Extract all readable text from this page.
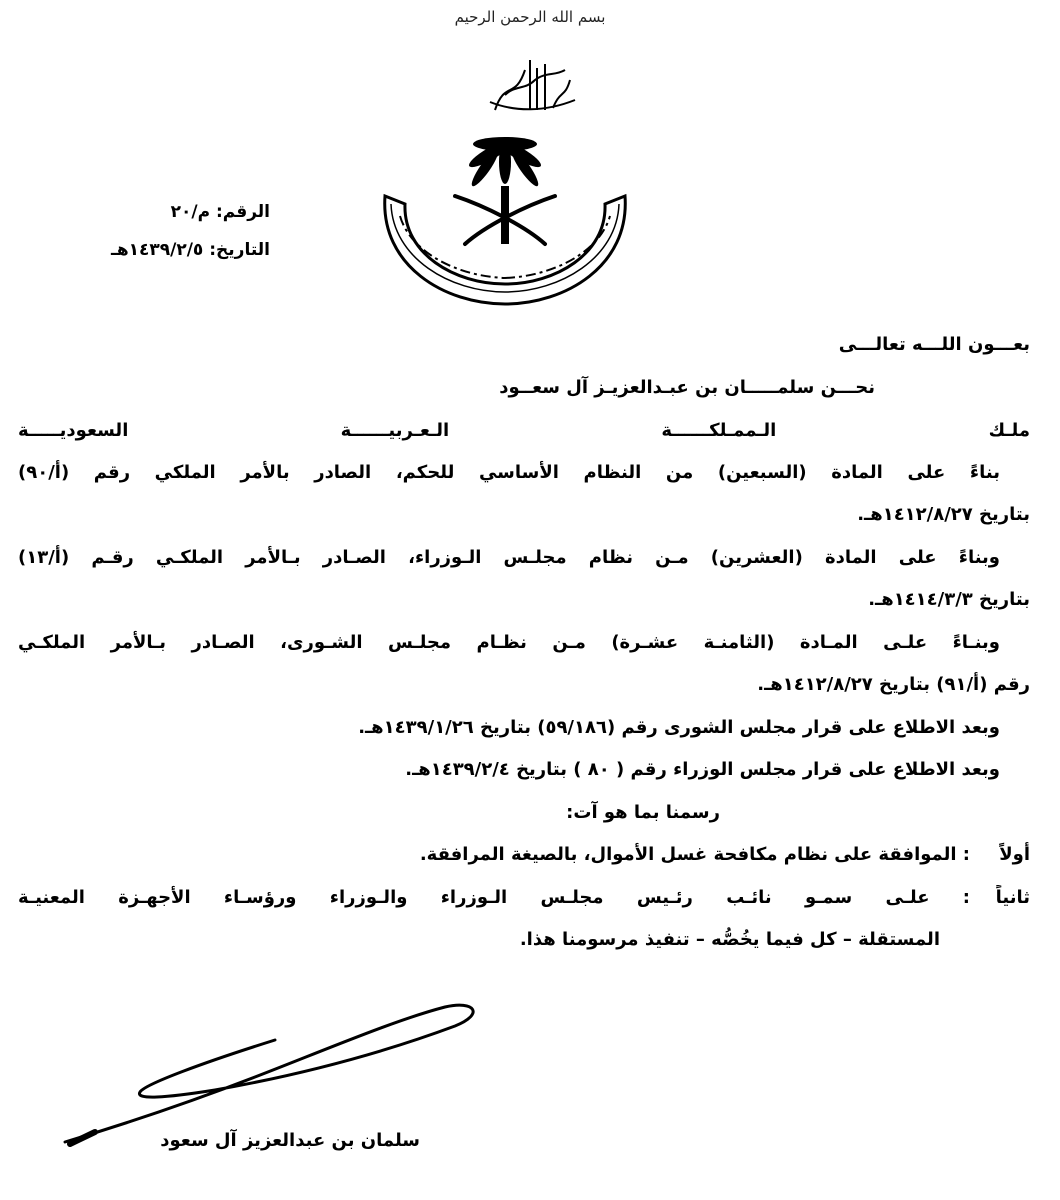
بسم الله الرحمن الرحيم
الرقم: م/٢٠
التاريخ: ١٤٣٩/٢/٥هـ
بعـــون اللـــه تعالـــى
نحـــن سلمـــــان بن عبـدالعزيـز آل سعــود
ملـك الـممـلكــــــة الـعـربيــــــة السعوديـــــة
بناءً على المادة (السبعين) من النظام الأساسي للحكم، الصادر بالأمر الملكي رقم (أ/٩٠)
بتاريخ ١٤١٢/٨/٢٧هـ.
وبناءً على المادة (العشرين) مـن نظام مجلـس الـوزراء، الصـادر بـالأمر الملكـي رقـم (أ/١٣)
بتاريخ ١٤١٤/٣/٣هـ.
وبنـاءً علـى المـادة (الثامنـة عشـرة) مـن نظـام مجلـس الشـورى، الصـادر بـالأمر الملكـي
رقم (أ/٩١) بتاريخ ١٤١٢/٨/٢٧هـ.
وبعد الاطلاع على قرار مجلس الشورى رقم (٥٩/١٨٦) بتاريخ ١٤٣٩/١/٢٦هـ.
وبعد الاطلاع على قرار مجلس الوزراء رقم ( ٨٠ ) بتاريخ ١٤٣٩/٢/٤هـ.
رسمنا بما هو آت:
أولاً
: الموافقة على نظام مكافحة غسل الأموال، بالصيغة المرافقة.
ثانياً
: علـى سمـو نائـب رئـيس مجلـس الـوزراء والـوزراء ورؤسـاء الأجهـزة المعنيـة
المستقلة – كل فيما يخُصُّه – تنفيذ مرسومنا هذا.
سلمان بن عبدالعزيز آل سعود
